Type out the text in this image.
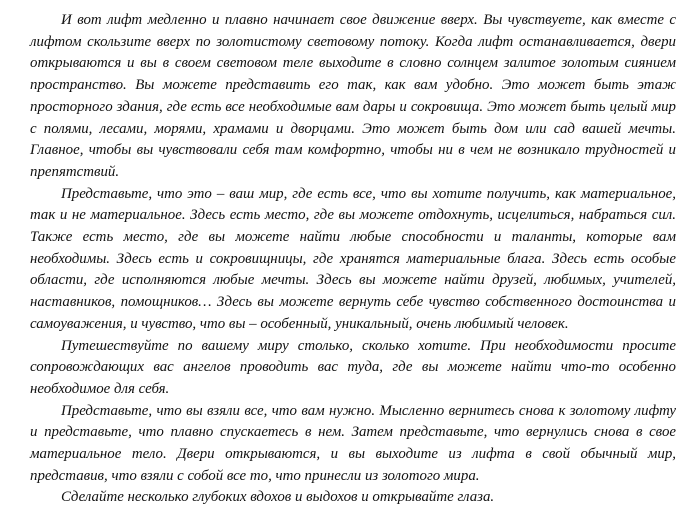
И вот лифт медленно и плавно начинает свое движение вверх. Вы чувствуете, как вместе с лифтом скользите вверх по золотистому световому потоку. Когда лифт останавливается, двери открываются и вы в своем световом теле выходите в словно солнцем залитое золотым сиянием пространство. Вы можете представить его так, как вам удобно. Это может быть этаж просторного здания, где есть все необходимые вам дары и сокровища. Это может быть целый мир с полями, лесами, морями, храмами и дворцами. Это может быть дом или сад вашей мечты. Главное, чтобы вы чувствовали себя там комфортно, чтобы ни в чем не возникало трудностей и препятствий.

Представьте, что это – ваш мир, где есть все, что вы хотите получить, как материальное, так и не материальное. Здесь есть место, где вы можете отдохнуть, исцелиться, набраться сил. Также есть место, где вы можете найти любые способности и таланты, которые вам необходимы. Здесь есть и сокровищницы, где хранятся материальные блага. Здесь есть особые области, где исполняются любые мечты. Здесь вы можете найти друзей, любимых, учителей, наставников, помощников… Здесь вы можете вернуть себе чувство собственного достоинства и самоуважения, и чувство, что вы – особенный, уникальный, очень любимый человек.

Путешествуйте по вашему миру столько, сколько хотите. При необходимости просите сопровождающих вас ангелов проводить вас туда, где вы можете найти что-то особенно необходимое для себя.

Представьте, что вы взяли все, что вам нужно. Мысленно вернитесь снова к золотому лифту и представьте, что плавно спускаетесь в нем. Затем представьте, что вернулись снова в свое материальное тело. Двери открываются, и вы выходите из лифта в свой обычный мир, представив, что взяли с собой все то, что принесли из золотого мира.

Сделайте несколько глубоких вдохов и выдохов и открывайте глаза.
